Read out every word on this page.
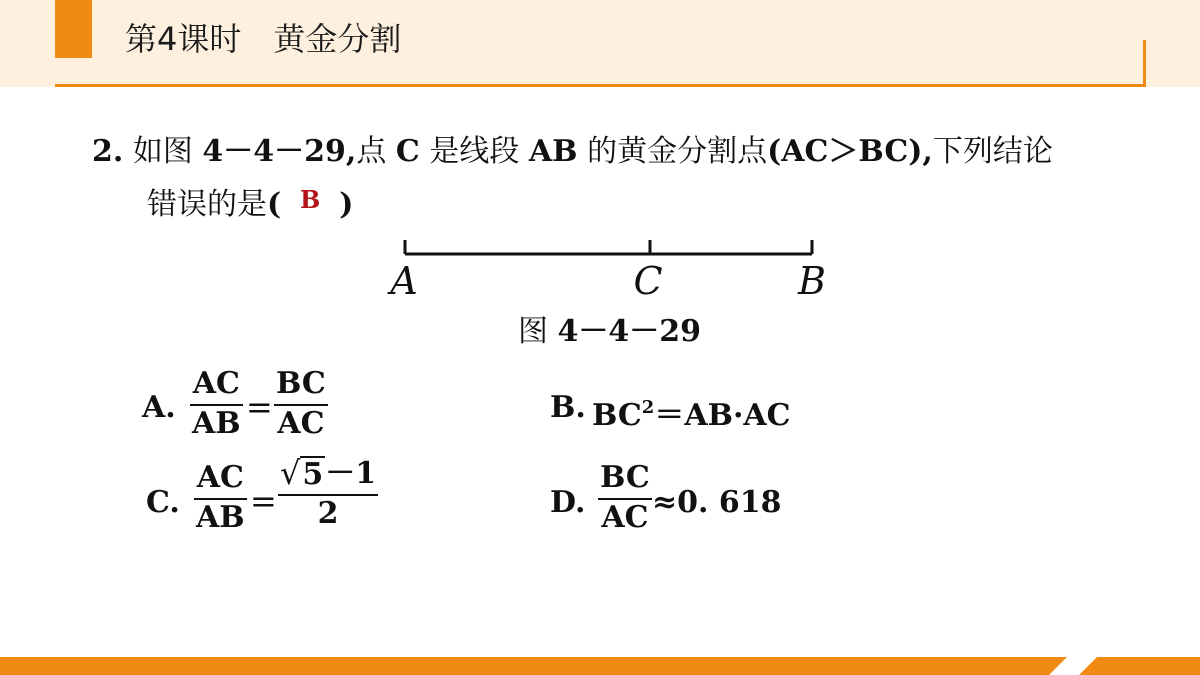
第4课时　黄金分割
2. 如图 4－4－29,点 C 是线段 AB 的黄金分割点(AC＞BC),下列结论
错误的是( B )
A	C	B
图 4－4－29
A.
AC
AB =
BC
AC	B. $BC^2=AB\cdot AC$
C.
AC
AB =
√ 5 －1
2	D.
BC
AC ≈0. 618
